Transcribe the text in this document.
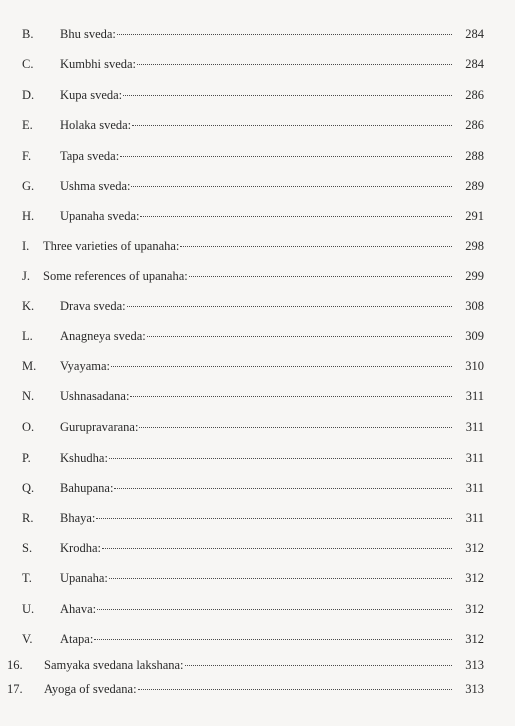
B. Bhu sveda:	284
C. Kumbhi sveda:	284
D. Kupa sveda:	286
E. Holaka sveda:	286
F. Tapa sveda:	288
G. Ushma sveda:	289
H. Upanaha sveda:	291
I. Three varieties of upanaha:	298
J. Some references of upanaha:	299
K. Drava sveda:	308
L. Anagneya sveda:	309
M. Vyayama:	310
N. Ushnasadana:	311
O. Gurupravarana:	311
P. Kshudha:	311
Q. Bahupana:	311
R. Bhaya:	311
S. Krodha:	312
T. Upanaha:	312
U. Ahava:	312
V. Atapa:	312
16. Samyaka svedana lakshana:	313
17. Ayoga of svedana:	313
